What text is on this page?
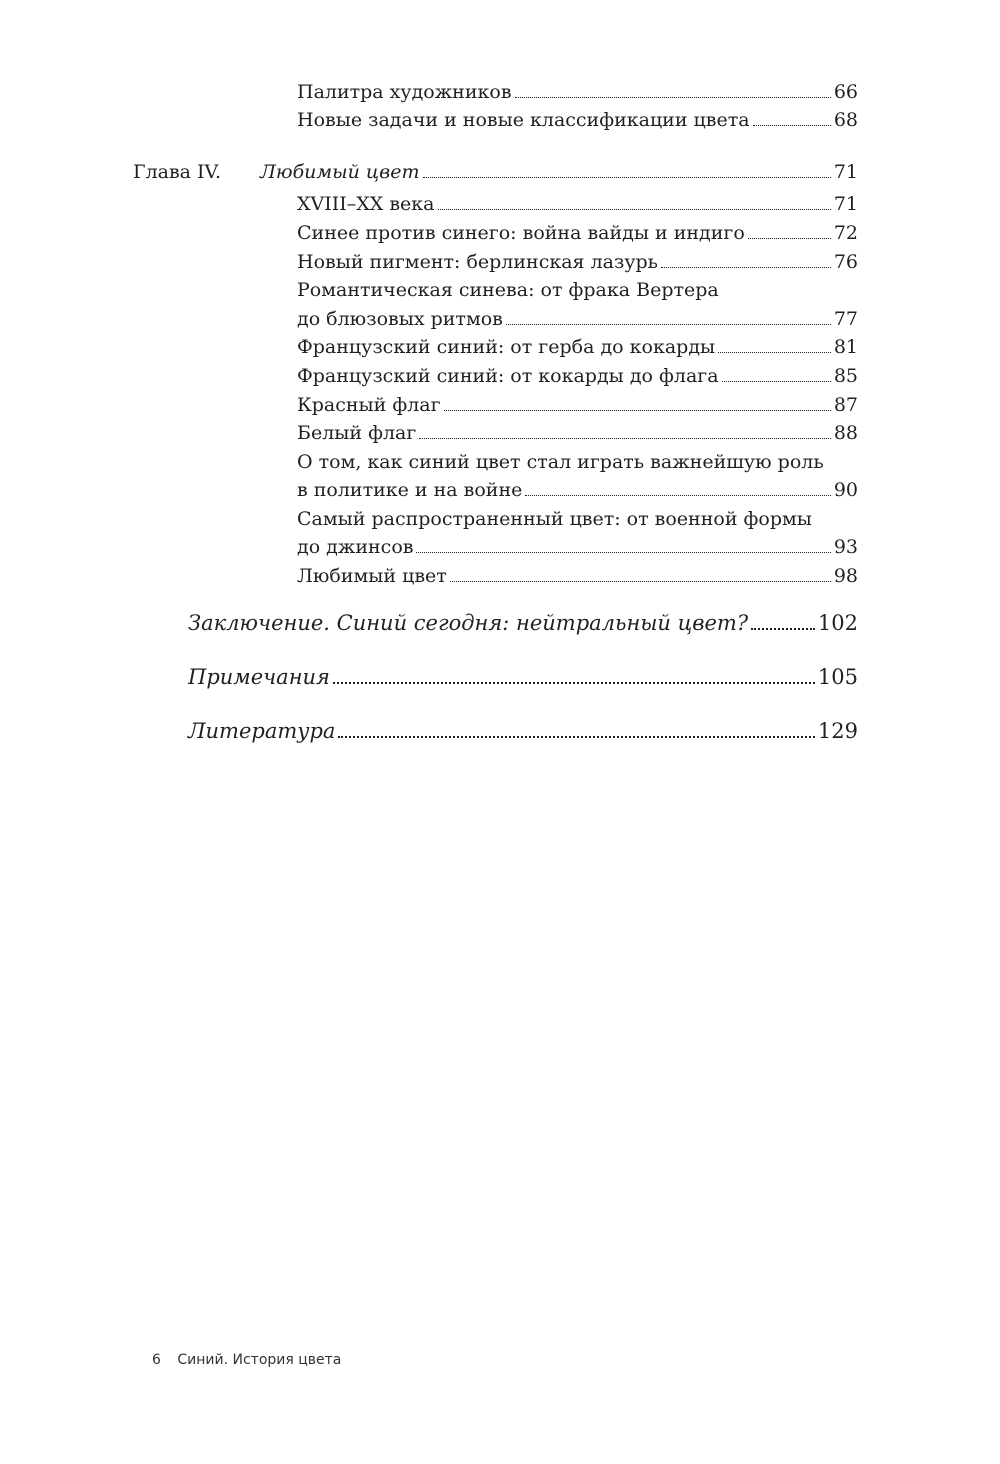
Палитра художников	66
Новые задачи и новые классификации цвета	68
Глава IV. Любимый цвет	71
XVIII–XX века	71
Синее против синего: война вайды и индиго	72
Новый пигмент: берлинская лазурь	76
Романтическая синева: от фрака Вертера
до блюзовых ритмов	77
Французский синий: от герба до кокарды	81
Французский синий: от кокарды до флага	85
Красный флаг	87
Белый флаг	88
О том, как синий цвет стал играть важнейшую роль
в политике и на войне	90
Самый распространенный цвет: от военной формы
до джинсов	93
Любимый цвет	98
Заключение. Синий сегодня: нейтральный цвет?	102
Примечания	105
Литература	129
6 Синий. История цвета
